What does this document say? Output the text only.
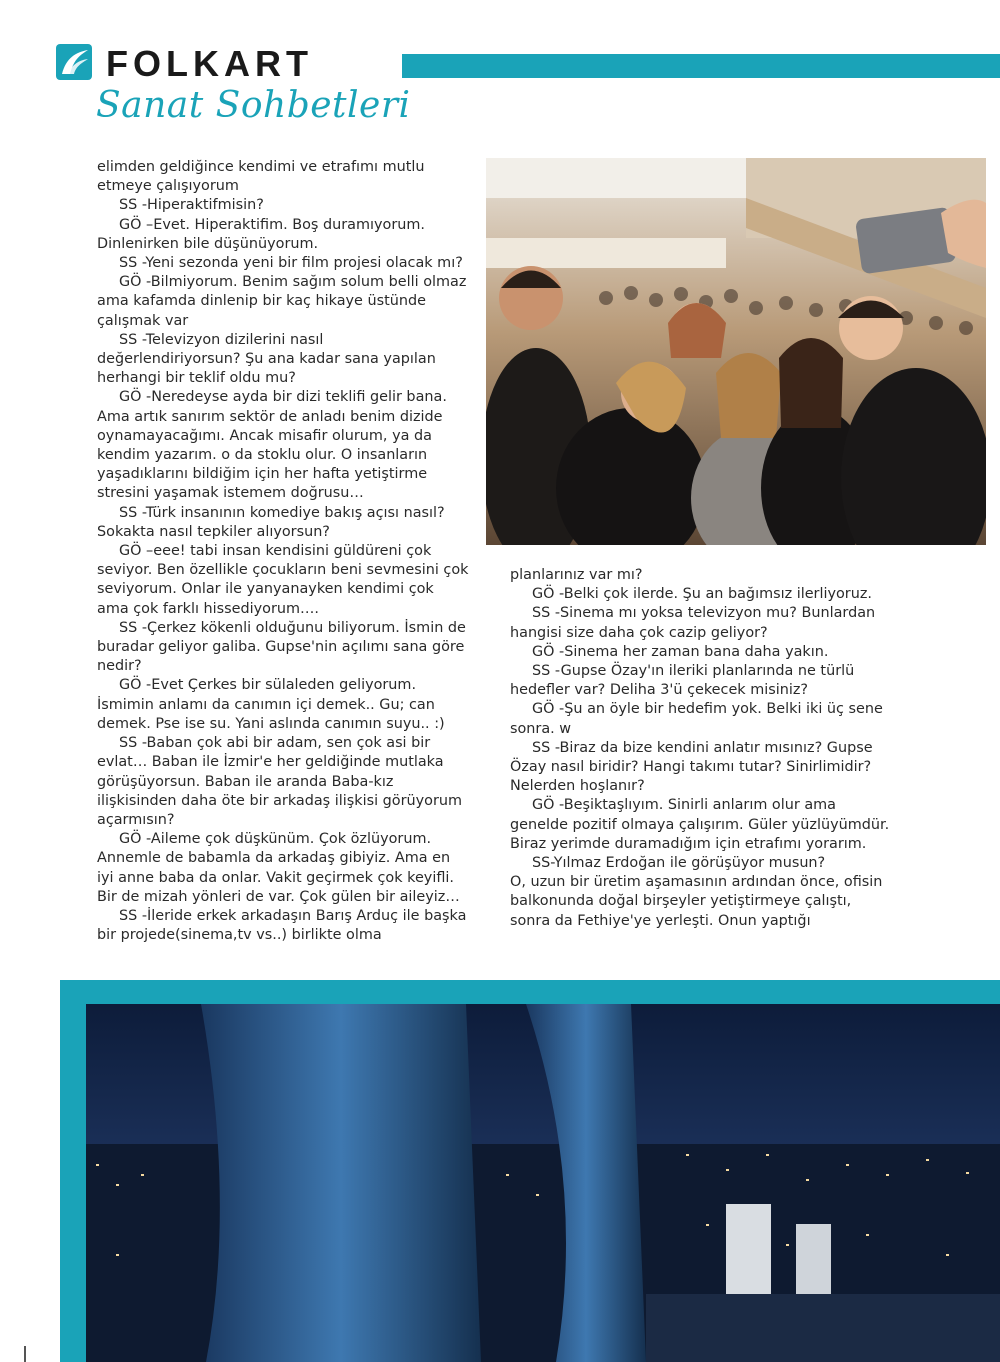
FOLKART
Sanat Sohbetleri

elimden geldiğince kendimi ve etrafımı mutlu etmeye çalışıyorum

SS -Hiperaktifmisin?

GÖ –Evet. Hiperaktifim. Boş duramıyorum. Dinlenirken bile düşünüyorum.

SS -Yeni sezonda yeni bir film projesi olacak mı?

GÖ -Bilmiyorum. Benim sağım solum belli olmaz ama kafamda dinlenip bir kaç hikaye üstünde çalışmak var

SS -Televizyon dizilerini nasıl değerlendiriyorsun? Şu ana kadar sana yapılan herhangi bir teklif oldu mu?

GÖ -Neredeyse ayda bir dizi teklifi gelir bana. Ama artık sanırım sektör de anladı benim dizide oynamayacağımı. Ancak misafir olurum, ya da kendim yazarım. o da stoklu olur. O insanların yaşadıklarını bildiğim için her hafta yetiştirme stresini yaşamak istemem doğrusu…

SS -Türk insanının komediye bakış açısı nasıl? Sokakta nasıl tepkiler alıyorsun?

GÖ –eee! tabi insan kendisini güldüreni çok seviyor. Ben özellikle çocukların beni sevmesini çok seviyorum. Onlar ile yanyanayken kendimi çok ama çok farklı hissediyorum….

SS -Çerkez kökenli olduğunu biliyorum. İsmin de buradar geliyor galiba. Gupse'nin açılımı sana göre nedir?

GÖ -Evet Çerkes bir sülaleden geliyorum. İsmimin anlamı da canımın içi demek.. Gu; can demek. Pse ise su. Yani aslında canımın suyu.. :)

SS -Baban çok abi bir adam, sen çok asi bir evlat… Baban ile İzmir'e her geldiğinde mutlaka görüşüyorsun. Baban ile aranda Baba-kız ilişkisinden daha öte bir arkadaş ilişkisi görüyorum açarmısın?

GÖ -Aileme çok düşkünüm. Çok özlüyorum. Annemle de babamla da arkadaş gibiyiz. Ama en iyi anne baba da onlar. Vakit geçirmek çok keyifli. Bir de mizah yönleri de var. Çok gülen bir aileyiz…

SS -İleride erkek arkadaşın Barış Arduç ile başka bir projede(sinema,tv vs..) birlikte olma

planlarınız var mı?

GÖ -Belki çok ilerde. Şu an bağımsız ilerliyoruz.

SS -Sinema mı yoksa televizyon mu? Bunlardan hangisi size daha çok cazip geliyor?

GÖ -Sinema her zaman bana daha yakın.

SS -Gupse Özay'ın ileriki planlarında ne türlü hedefler var? Deliha 3'ü çekecek misiniz?

GÖ -Şu an öyle bir hedefim yok. Belki iki üç sene sonra. w

SS -Biraz da bize kendini anlatır mısınız? Gupse Özay nasıl biridir? Hangi takımı tutar? Sinirlimidir? Nelerden hoşlanır?

GÖ -Beşiktaşlıyım. Sinirli anlarım olur ama genelde pozitif olmaya çalışırım. Güler yüzlüyümdür. Biraz yerimde duramadığım için etrafımı yorarım.

SS-Yılmaz Erdoğan ile görüşüyor musun?

O, uzun bir üretim aşamasının ardından önce, ofisin balkonunda doğal birşeyler yetiştirmeye çalıştı, sonra da Fethiye'ye yerleşti. Onun yaptığı
